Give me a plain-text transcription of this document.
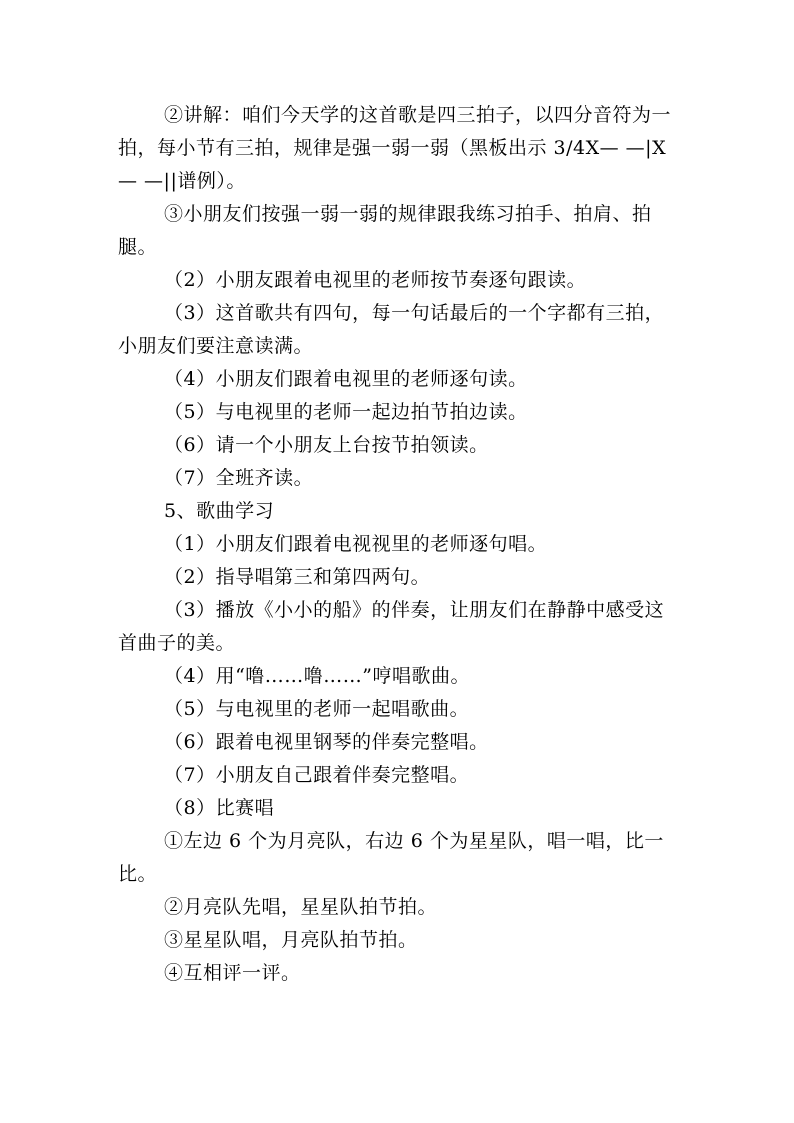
②讲解：咱们今天学的这首歌是四三拍子，以四分音符为一拍，每小节有三拍，规律是强一弱一弱（黑板出示 3/4X— —|X— —||谱例）。

③小朋友们按强一弱一弱的规律跟我练习拍手、拍肩、拍腿。

（2）小朋友跟着电视里的老师按节奏逐句跟读。

（3）这首歌共有四句，每一句话最后的一个字都有三拍，小朋友们要注意读满。

（4）小朋友们跟着电视里的老师逐句读。

（5）与电视里的老师一起边拍节拍边读。

（6）请一个小朋友上台按节拍领读。

（7）全班齐读。

5、歌曲学习

（1）小朋友们跟着电视视里的老师逐句唱。

（2）指导唱第三和第四两句。

（3）播放《小小的船》的伴奏，让朋友们在静静中感受这首曲子的美。

（4）用“噜……噜……”哼唱歌曲。

（5）与电视里的老师一起唱歌曲。

（6）跟着电视里钢琴的伴奏完整唱。

（7）小朋友自己跟着伴奏完整唱。

（8）比赛唱

①左边 6 个为月亮队，右边 6 个为星星队，唱一唱，比一比。

②月亮队先唱，星星队拍节拍。

③星星队唱，月亮队拍节拍。

④互相评一评。
